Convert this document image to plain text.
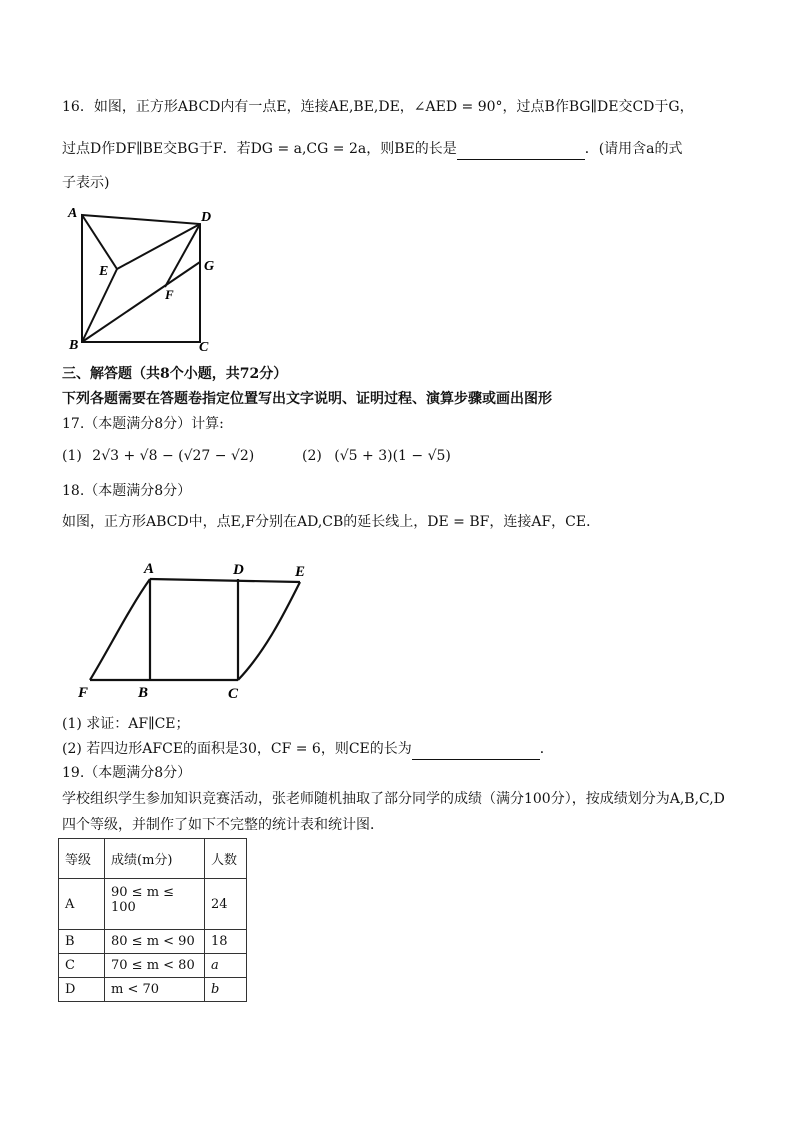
16．如图，正方形ABCD内有一点E，连接AE,BE,DE，∠AED = 90°，过点B作BG∥DE交CD于G，
过点D作DF∥BE交BG于F．若DG = a,CG = 2a，则BE的长是	．(请用含a的式
子表示)
A	D
E	G
F
B	C
三、解答题（共8个小题，共72分）
下列各题需要在答题卷指定位置写出文字说明、证明过程、演算步骤或画出图形
17.（本题满分8分）计算:
(1) 2√3 + √8 − (√27 − √2)	(2) (√5 + 3)(1 − √5)
18.（本题满分8分）
如图，正方形ABCD中，点E,F分别在AD,CB的延长线上，DE = BF，连接AF，CE．
A	D	E
F	B	C
(1) 求证：AF∥CE；
(2) 若四边形AFCE的面积是30，CF = 6，则CE的长为	．
19.（本题满分8分）
学校组织学生参加知识竞赛活动，张老师随机抽取了部分同学的成绩（满分100分），按成绩划分为A,B,C,D
四个等级，并制作了如下不完整的统计表和统计图．
等级	成绩(m分)	人数
A	90 ≤ m ≤ 100	24
B	80 ≤ m < 90	18
C	70 ≤ m < 80	a
D	m < 70	b
